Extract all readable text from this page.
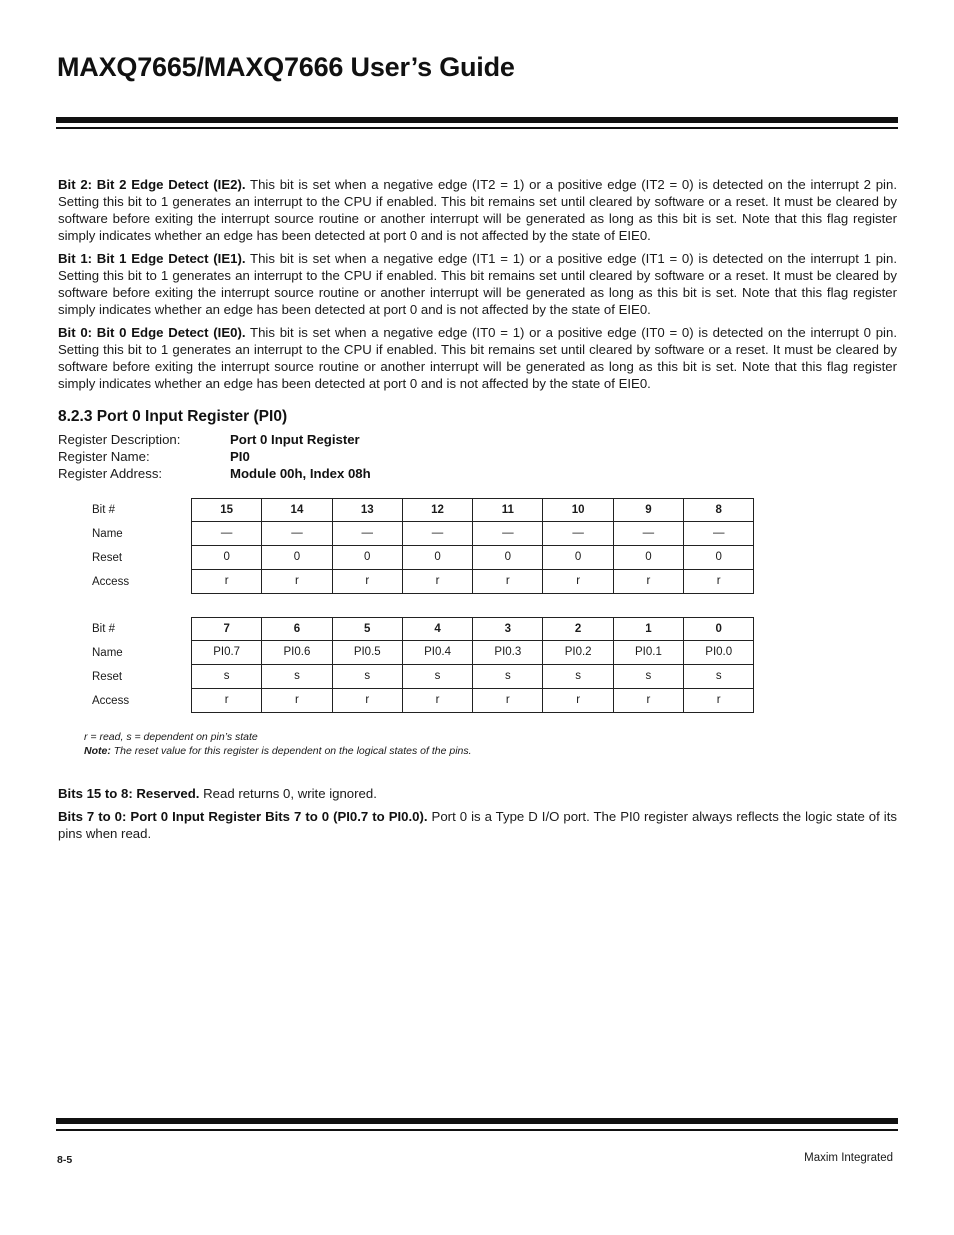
MAXQ7665/MAXQ7666 User’s Guide

Bit 2: Bit 2 Edge Detect (IE2). This bit is set when a negative edge (IT2 = 1) or a positive edge (IT2 = 0) is detected on the interrupt 2 pin. Setting this bit to 1 generates an interrupt to the CPU if enabled. This bit remains set until cleared by software or a reset. It must be cleared by software before exiting the interrupt source routine or another interrupt will be generated as long as this bit is set. Note that this flag register simply indicates whether an edge has been detected at port 0 and is not affected by the state of EIE0.

Bit 1: Bit 1 Edge Detect (IE1). This bit is set when a negative edge (IT1 = 1) or a positive edge (IT1 = 0) is detected on the interrupt 1 pin. Setting this bit to 1 generates an interrupt to the CPU if enabled. This bit remains set until cleared by software or a reset. It must be cleared by software before exiting the interrupt source routine or another interrupt will be generated as long as this bit is set. Note that this flag register simply indicates whether an edge has been detected at port 0 and is not affected by the state of EIE0.

Bit 0: Bit 0 Edge Detect (IE0). This bit is set when a negative edge (IT0 = 1) or a positive edge (IT0 = 0) is detected on the interrupt 0 pin. Setting this bit to 1 generates an interrupt to the CPU if enabled. This bit remains set until cleared by software or a reset. It must be cleared by software before exiting the interrupt source routine or another interrupt will be generated as long as this bit is set. Note that this flag register simply indicates whether an edge has been detected at port 0 and is not affected by the state of EIE0.

8.2.3 Port 0 Input Register (PI0)
Register Description:	Port 0 Input Register
Register Name:	PI0
Register Address:	Module 00h, Index 08h
Bit #	15	14	13	12	11	10	9	8
Name	—	—	—	—	—	—	—	—
Reset	0	0	0	0	0	0	0	0
Access	r	r	r	r	r	r	r	r
Bit #	7	6	5	4	3	2	1	0
Name	PI0.7	PI0.6	PI0.5	PI0.4	PI0.3	PI0.2	PI0.1	PI0.0
Reset	s	s	s	s	s	s	s	s
Access	r	r	r	r	r	r	r	r
r = read, s = dependent on pin’s state
Note: The reset value for this register is dependent on the logical states of the pins.

Bits 15 to 8: Reserved. Read returns 0, write ignored.

Bits 7 to 0: Port 0 Input Register Bits 7 to 0 (PI0.7 to PI0.0). Port 0 is a Type D I/O port. The PI0 register always reflects the logic state of its pins when read.

8-5	Maxim Integrated
